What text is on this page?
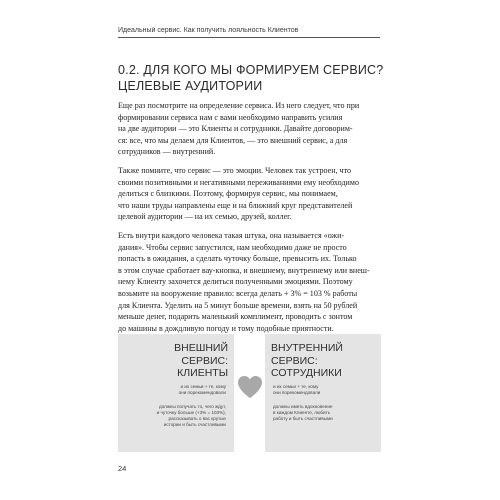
Идеальный сервис. Как получить лояльность Клиентов
0.2. ДЛЯ КОГО МЫ ФОРМИРУЕМ СЕРВИС?
ЦЕЛЕВЫЕ АУДИТОРИИ

Еще раз посмотрите на определение сервиса. Из него следует, что при
формировании сервиса нам с вами необходимо направить усилия
на две аудитории — это Клиенты и сотрудники. Давайте договорим-
ся: все, что мы делаем для Клиентов, — это внешний сервис, а для
сотрудников — внутренний.

Также помните, что сервис — это эмоции. Человек так устроен, что
своими позитивными и негативными переживаниями ему необходимо
делиться с близкими. Поэтому, формируя сервис, мы понимаем,
что наши труды направлены еще и на ближний круг представителей
целевой аудитории — на их семью, друзей, коллег.

Есть внутри каждого человека такая штука, она называется «ожи-
дания». Чтобы сервис запустился, нам необходимо даже не просто
попасть в ожидания, а сделать чуточку больше, превысить их. Только
в этом случае сработает вау-кнопка, и внешнему, внутреннему или внеш-
нему Клиенту захочется делиться полученными эмоциями. Поэтому
возьмите на вооружение правило: всегда делать + 3% = 103 % работы
для Клиента. Уделить на 5 минут больше времени, взять на 50 рублей
меньше денег, подарить маленький комплимент, проводить с зонтом
до машины в дождливую погоду и тому подобные приятности.

ВНЕШНИЙ
СЕРВИС:
КЛИЕНТЫ
и их семьи + те, кому
они порекомендовали
должны получать то, чего ждут,
и чуточку больше (+3% = 103%),
рассказывать о вас крутые
истории и быть счастливыми
ВНУТРЕННИЙ
СЕРВИС:
СОТРУДНИКИ
и их семьи + те, кому
они порекомендовали
должны иметь вдохновение
в каждом Клиенте, любить
работу и быть счастливыми
24
